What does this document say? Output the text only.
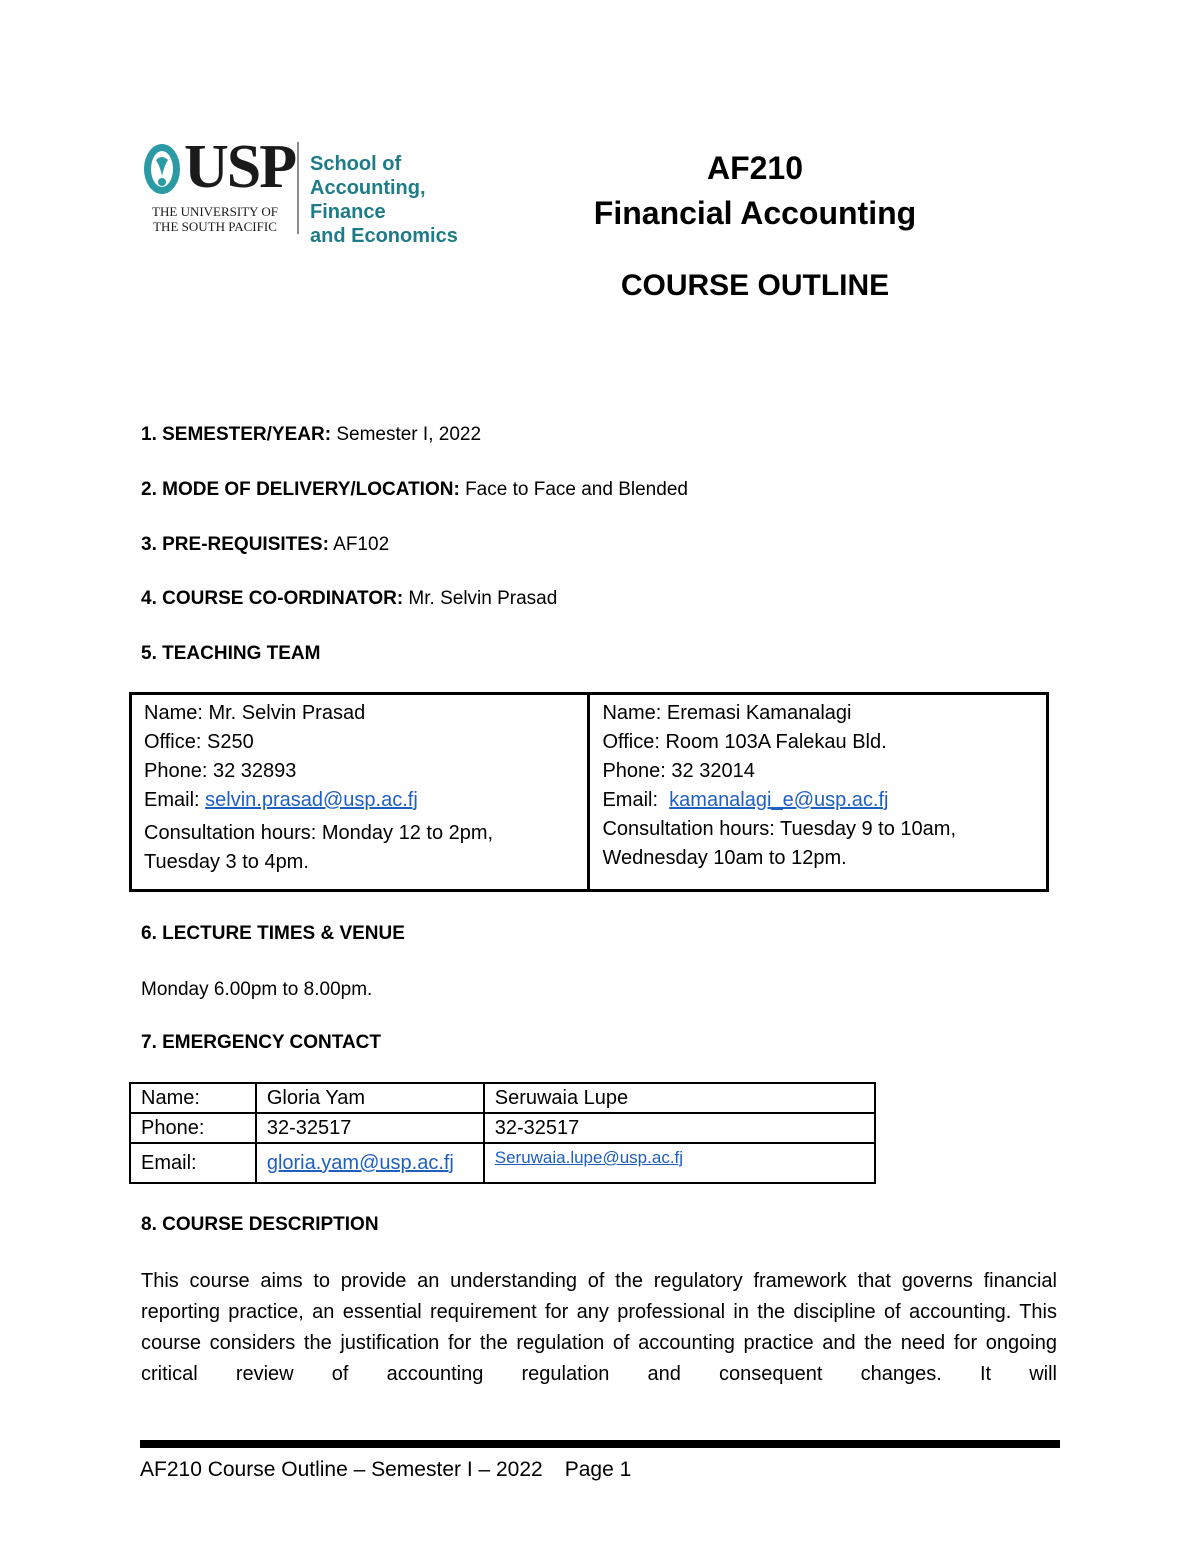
USP
THE UNIVERSITY OF THE SOUTH PACIFIC
School of
Accounting, Finance
and Economics
AF210
Financial Accounting
COURSE OUTLINE
1. SEMESTER/YEAR: Semester I, 2022
2. MODE OF DELIVERY/LOCATION: Face to Face and Blended
3. PRE-REQUISITES: AF102
4. COURSE CO-ORDINATOR: Mr. Selvin Prasad
5. TEACHING TEAM
Name: Mr. Selvin Prasad
Office: S250
Phone: 32 32893
Email: selvin.prasad@usp.ac.fj
Consultation hours: Monday 12 to 2pm,
Tuesday 3 to 4pm.

Name: Eremasi Kamanalagi
Office: Room 103A Falekau Bld.
Phone: 32 32014
Email: kamanalagi_e@usp.ac.fj
Consultation hours: Tuesday 9 to 10am,
Wednesday 10am to 12pm.
6. LECTURE TIMES & VENUE
Monday 6.00pm to 8.00pm.
7. EMERGENCY CONTACT
Name:	Gloria Yam	Seruwaia Lupe
Phone:	32-32517	32-32517
Email:	gloria.yam@usp.ac.fj	Seruwaia.lupe@usp.ac.fj
8. COURSE DESCRIPTION
This course aims to provide an understanding of the regulatory framework that governs financial reporting practice, an essential requirement for any professional in the discipline of accounting. This course considers the justification for the regulation of accounting practice and the need for ongoing critical review of accounting regulation and consequent changes. It will
AF210 Course Outline – Semester I – 2022 Page 1
